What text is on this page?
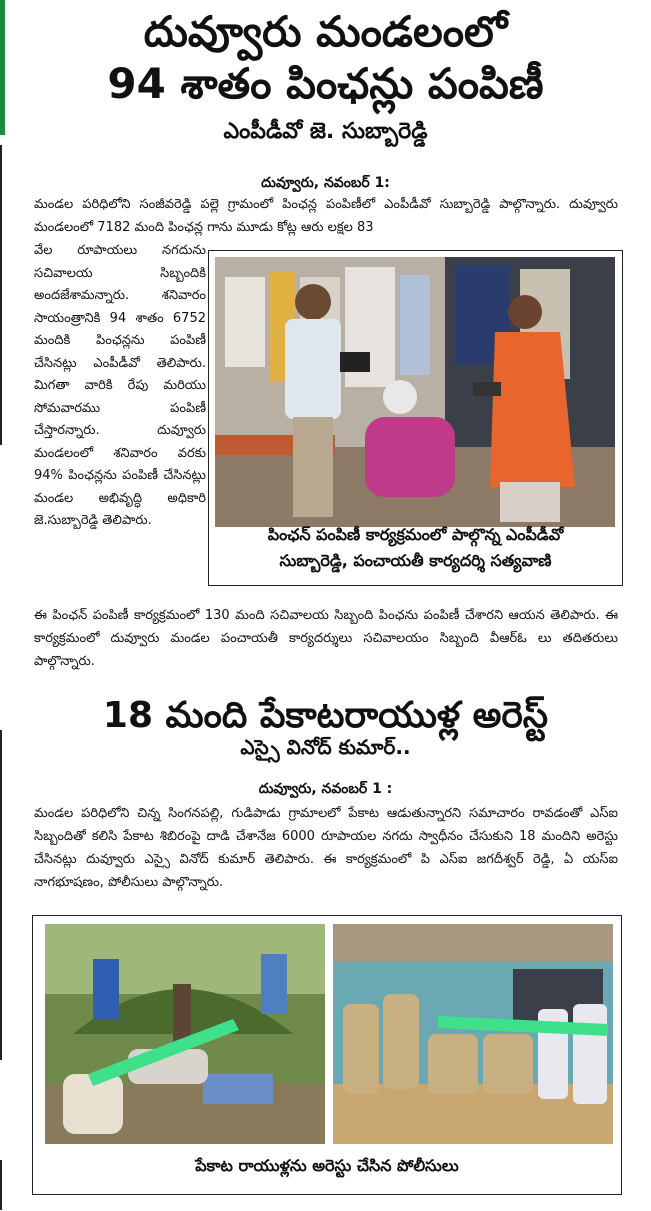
దువ్వూరు మండలంలో
94 శాతం పింఛన్లు పంపిణీ
ఎంపీడీవో జె. సుబ్బారెడ్డి
దువ్వూరు, నవంబర్ 1:
మండల పరిధిలోని సంజీవరెడ్డి పల్లె గ్రామంలో పింఛన్ల పంపిణీలో ఎంపీడీవో సుబ్బారెడ్డి పాల్గొన్నారు. దువ్వూరు మండలంలో 7182 మంది పింఛన్ల గాను మూడు కోట్ల ఆరు లక్షల 83
వేల రూపాయలు నగదును సచివాలయ సిబ్బందికి అందజేశామన్నారు. శనివారం సాయంత్రానికి 94 శాతం 6752 మందికి పింఛన్లను పంపిణీ చేసినట్లు ఎంపీడీవో తెలిపారు. మిగతా వారికి రేపు మరియు సోమవారము పంపిణీ చేస్తారన్నారు. దువ్వూరు మండలంలో శనివారం వరకు 94% పింఛన్లను పంపిణీ చేసినట్లు మండల అభివృద్ధి అధికారి జె.సుబ్బారెడ్డి తెలిపారు.
పింఛన్ పంపిణీ కార్యక్రమంలో పాల్గొన్న ఎంపీడీవో
సుబ్బారెడ్డి, పంచాయతీ కార్యదర్శి సత్యవాణి
ఈ పింఛన్ పంపిణీ కార్యక్రమంలో 130 మంది సచివాలయ సిబ్బంది పింఛను పంపిణీ చేశారని ఆయన తెలిపారు. ఈ కార్యక్రమంలో దువ్వూరు మండల పంచాయతీ కార్యదర్శులు సచివాలయం సిబ్బంది వీఆర్ఓ లు తదితరులు పాల్గొన్నారు.
18 మంది పేకాటరాయుళ్ల అరెస్ట్
ఎస్సై వినోద్ కుమార్..
దువ్వూరు, నవంబర్ 1 :
మండల పరిధిలోని చిన్న సింగనపల్లి, గుడిపాడు గ్రామాలలో పేకాట ఆడుతున్నారని సమాచారం రావడంతో ఎస్ఐ సిబ్బందితో కలిసి పేకాట శిబిరంపై దాడి చేశానేజ 6000 రూపాయల నగదు స్వాధీనం చేసుకుని 18 మందిని అరెస్టు చేసినట్లు దువ్వూరు ఎస్సై వినోద్ కుమార్ తెలిపారు. ఈ కార్యక్రమంలో పి ఎస్ఐ జగదీశ్వర్ రెడ్డి, ఏ యస్ఐ నాగభూషణం, పోలీసులు పాల్గొన్నారు.
పేకాట రాయుళ్లను అరెస్టు చేసిన పోలీసులు
